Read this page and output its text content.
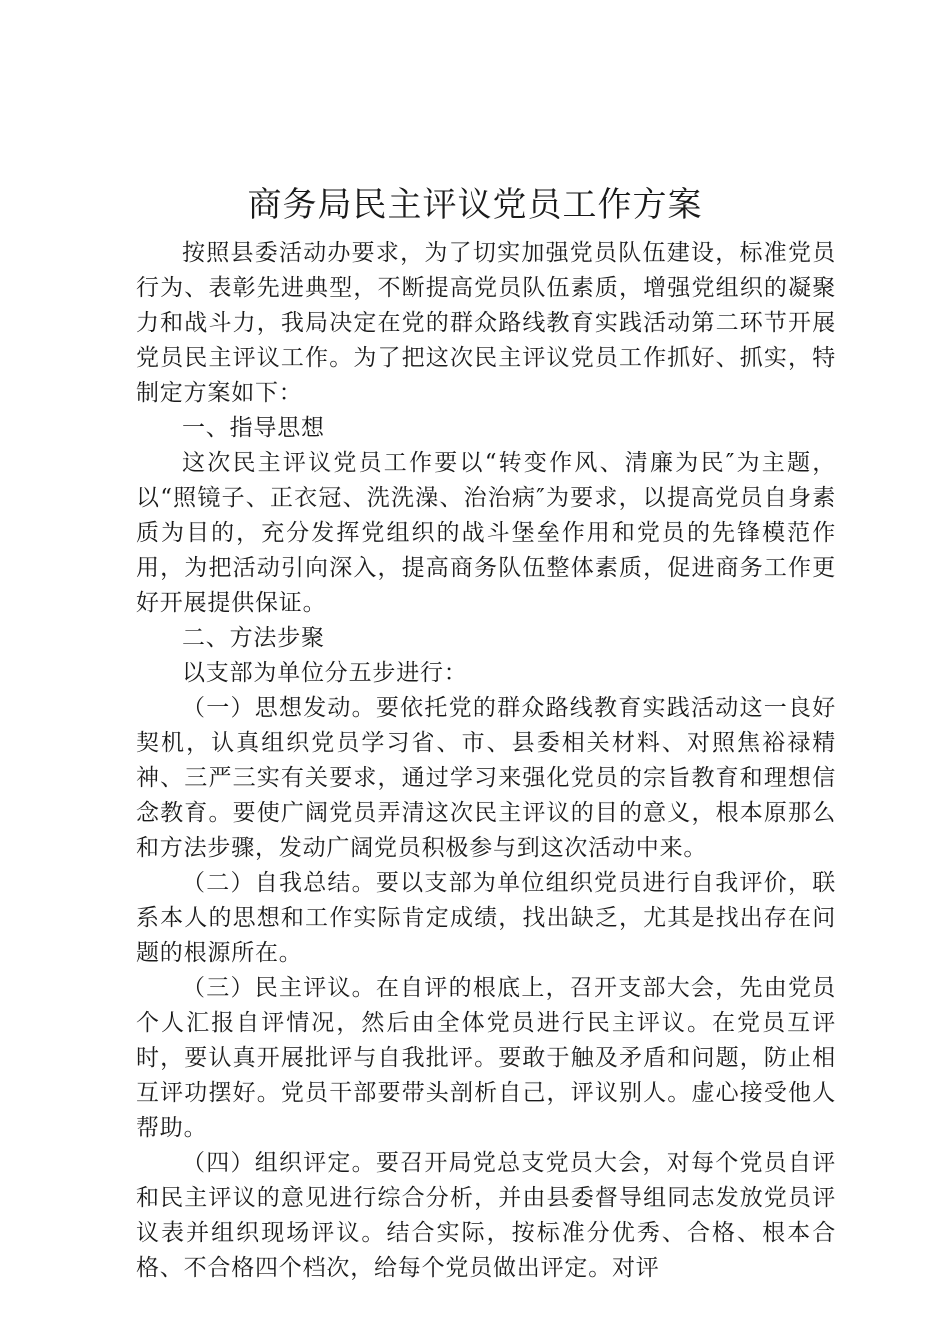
商务局民主评议党员工作方案

按照县委活动办要求，为了切实加强党员队伍建设，标准党员行为、表彰先进典型，不断提高党员队伍素质，增强党组织的凝聚力和战斗力，我局决定在党的群众路线教育实践活动第二环节开展党员民主评议工作。为了把这次民主评议党员工作抓好、抓实，特制定方案如下：

一、指导思想

这次民主评议党员工作要以“转变作风、清廉为民″为主题，以“照镜子、正衣冠、洗洗澡、治治病″为要求，以提高党员自身素质为目的，充分发挥党组织的战斗堡垒作用和党员的先锋模范作用，为把活动引向深入，提高商务队伍整体素质，促进商务工作更好开展提供保证。

二、方法步聚

以支部为单位分五步进行：

（一）思想发动。要依托党的群众路线教育实践活动这一良好契机，认真组织党员学习省、市、县委相关材料、对照焦裕禄精神、三严三实有关要求，通过学习来强化党员的宗旨教育和理想信念教育。要使广阔党员弄清这次民主评议的目的意义，根本原那么和方法步骤，发动广阔党员积极参与到这次活动中来。

（二）自我总结。要以支部为单位组织党员进行自我评价，联系本人的思想和工作实际肯定成绩，找出缺乏，尤其是找出存在问题的根源所在。

（三）民主评议。在自评的根底上，召开支部大会，先由党员个人汇报自评情况，然后由全体党员进行民主评议。在党员互评时，要认真开展批评与自我批评。要敢于触及矛盾和问题，防止相互评功摆好。党员干部要带头剖析自己，评议别人。虚心接受他人帮助。

（四）组织评定。要召开局党总支党员大会，对每个党员自评和民主评议的意见进行综合分析，并由县委督导组同志发放党员评议表并组织现场评议。结合实际，按标准分优秀、合格、根本合格、不合格四个档次，给每个党员做出评定。对评
